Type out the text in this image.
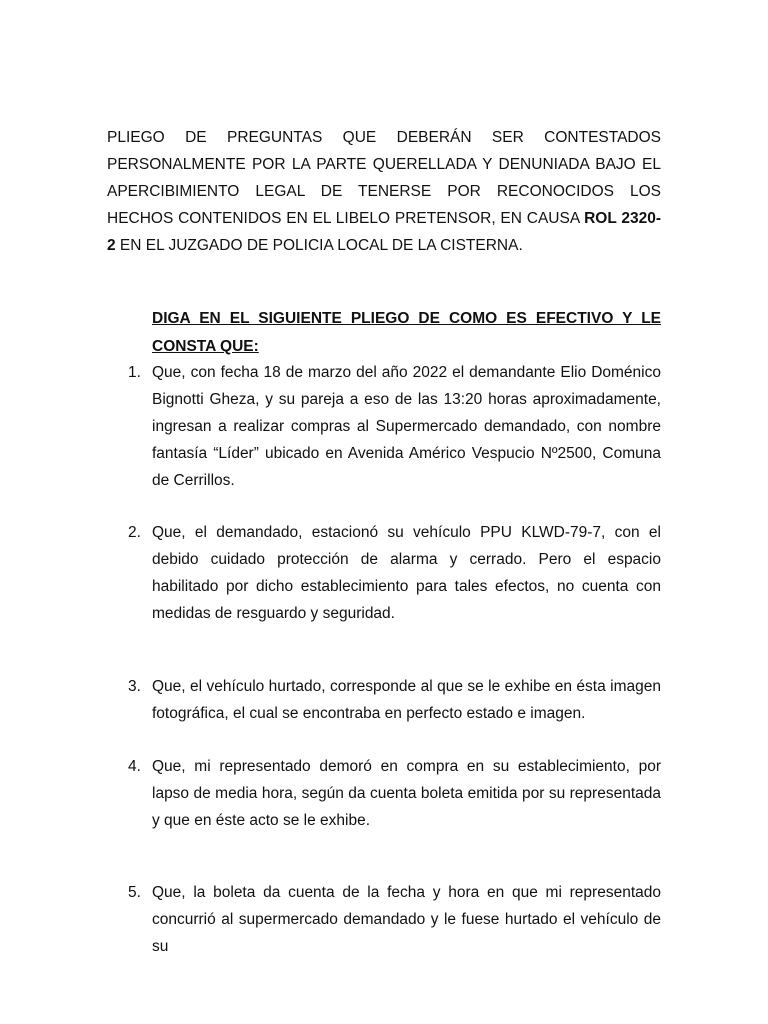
PLIEGO DE PREGUNTAS QUE DEBERÁN SER CONTESTADOS PERSONALMENTE POR LA PARTE QUERELLADA Y DENUNIADA BAJO EL APERCIBIMIENTO LEGAL DE TENERSE POR RECONOCIDOS LOS HECHOS CONTENIDOS EN EL LIBELO PRETENSOR, EN CAUSA ROL 2320-2 EN EL JUZGADO DE POLICIA LOCAL DE LA CISTERNA.

DIGA EN EL SIGUIENTE PLIEGO DE COMO ES EFECTIVO Y LE CONSTA QUE:

1. Que, con fecha 18 de marzo del año 2022 el demandante Elio Doménico Bignotti Gheza, y su pareja a eso de las 13:20 horas aproximadamente, ingresan a realizar compras al Supermercado demandado, con nombre fantasía “Líder” ubicado en Avenida Américo Vespucio Nº2500, Comuna de Cerrillos.

2. Que, el demandado, estacionó su vehículo PPU KLWD-79-7, con el debido cuidado protección de alarma y cerrado. Pero el espacio habilitado por dicho establecimiento para tales efectos, no cuenta con medidas de resguardo y seguridad.

3. Que, el vehículo hurtado, corresponde al que se le exhibe en ésta imagen fotográfica, el cual se encontraba en perfecto estado e imagen.

4. Que, mi representado demoró en compra en su establecimiento, por lapso de media hora, según da cuenta boleta emitida por su representada y que en éste acto se le exhibe.

5. Que, la boleta da cuenta de la fecha y hora en que mi representado concurrió al supermercado demandado y le fuese hurtado el vehículo de su
